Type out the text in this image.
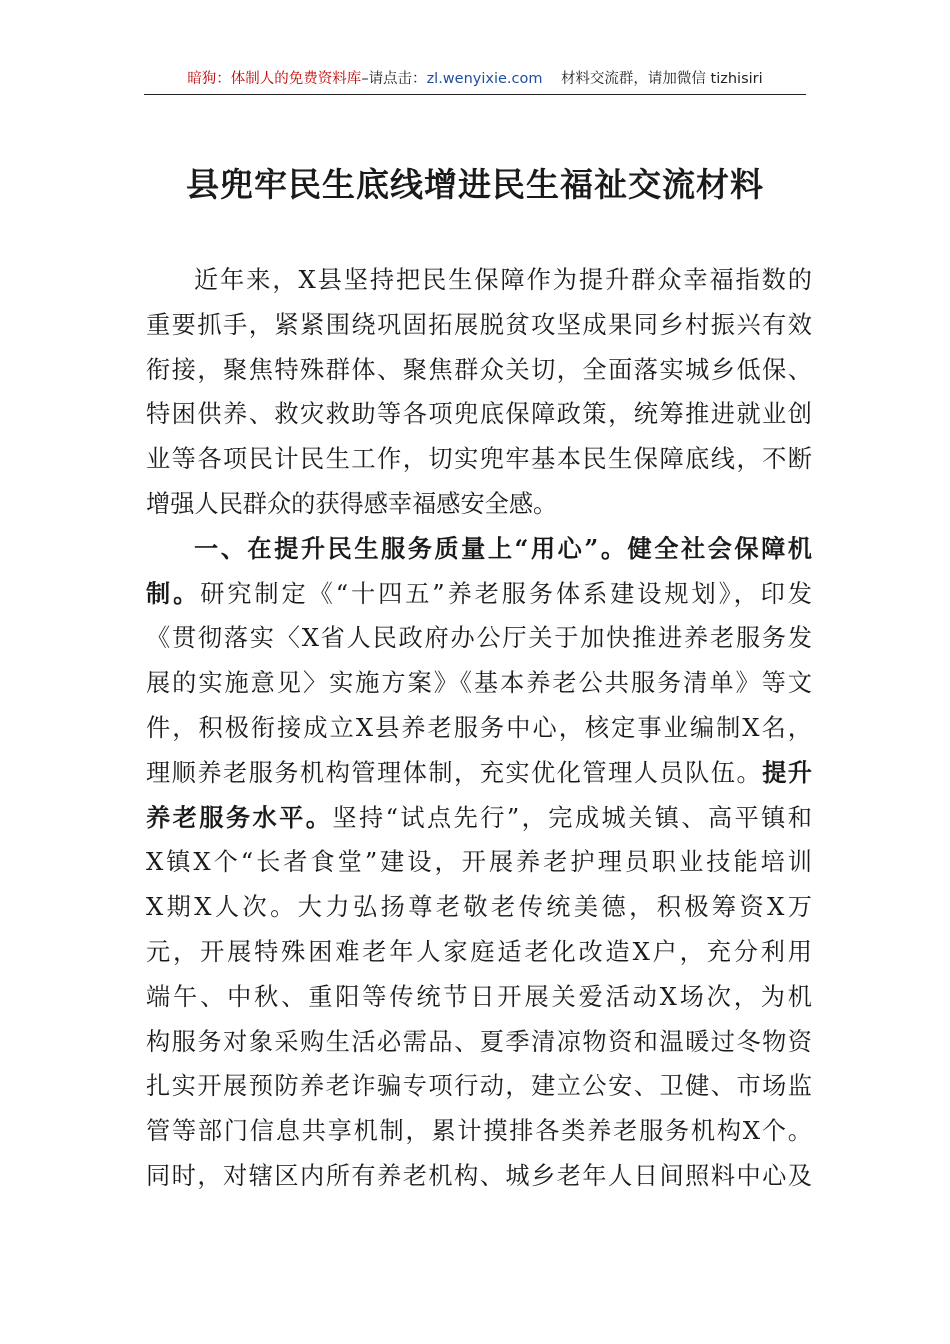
暗狗：体制人的免费资料库–请点击：zl.wenyixie.com 材料交流群，请加微信 tizhisiri
县兜牢民生底线增进民生福祉交流材料
近年来，X县坚持把民生保障作为提升群众幸福指数的
重要抓手，紧紧围绕巩固拓展脱贫攻坚成果同乡村振兴有效
衔接，聚焦特殊群体、聚焦群众关切，全面落实城乡低保、
特困供养、救灾救助等各项兜底保障政策，统筹推进就业创
业等各项民计民生工作，切实兜牢基本民生保障底线，不断
增强人民群众的获得感幸福感安全感。
一、在提升民生服务质量上“用心”。健全社会保障机
制。研究制定《“十四五”养老服务体系建设规划》，印发
《贯彻落实〈X省人民政府办公厅关于加快推进养老服务发
展的实施意见〉实施方案》《基本养老公共服务清单》等文
件，积极衔接成立X县养老服务中心，核定事业编制X名，
理顺养老服务机构管理体制，充实优化管理人员队伍。提升
养老服务水平。坚持“试点先行”，完成城关镇、高平镇和
X镇X个“长者食堂”建设，开展养老护理员职业技能培训
X期X人次。大力弘扬尊老敬老传统美德，积极筹资X万
元，开展特殊困难老年人家庭适老化改造X户，充分利用
端午、中秋、重阳等传统节日开展关爱活动X场次，为机
构服务对象采购生活必需品、夏季清凉物资和温暖过冬物资
扎实开展预防养老诈骗专项行动，建立公安、卫健、市场监
管等部门信息共享机制，累计摸排各类养老服务机构X个。
同时，对辖区内所有养老机构、城乡老年人日间照料中心及
